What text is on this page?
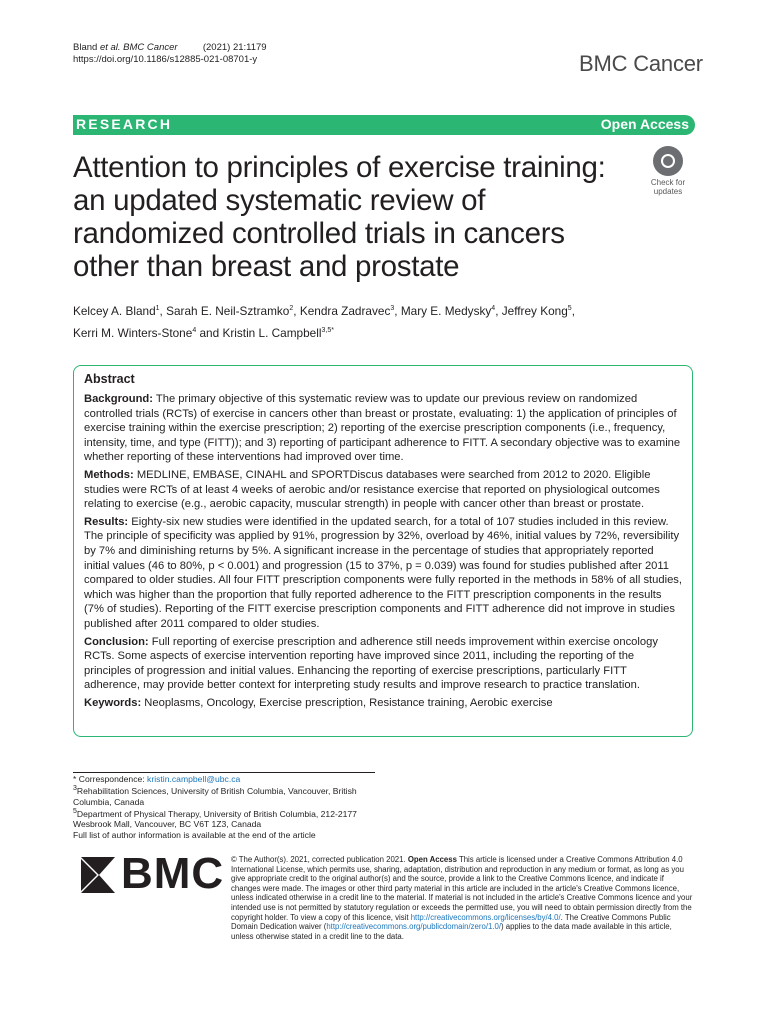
Bland et al. BMC Cancer	(2021) 21:1179
https://doi.org/10.1186/s12885-021-08701-y	BMC Cancer
RESEARCH	Open Access
Attention to principles of exercise training: an updated systematic review of randomized controlled trials in cancers other than breast and prostate
Check for
updates
Kelcey A. Bland$^1$, Sarah E. Neil-Sztramko$^2$, Kendra Zadravec$^3$, Mary E. Medysky$^4$, Jeffrey Kong$^5$,
Kerri M. Winters-Stone$^4$ and Kristin L. Campbell$^{3,5*}$
Abstract

Background: The primary objective of this systematic review was to update our previous review on randomized controlled trials (RCTs) of exercise in cancers other than breast or prostate, evaluating: 1) the application of principles of exercise training within the exercise prescription; 2) reporting of the exercise prescription components (i.e., frequency, intensity, time, and type (FITT)); and 3) reporting of participant adherence to FITT. A secondary objective was to examine whether reporting of these interventions had improved over time.

Methods: MEDLINE, EMBASE, CINAHL and SPORTDiscus databases were searched from 2012 to 2020. Eligible studies were RCTs of at least 4 weeks of aerobic and/or resistance exercise that reported on physiological outcomes relating to exercise (e.g., aerobic capacity, muscular strength) in people with cancer other than breast or prostate.

Results: Eighty-six new studies were identified in the updated search, for a total of 107 studies included in this review. The principle of specificity was applied by 91%, progression by 32%, overload by 46%, initial values by 72%, reversibility by 7% and diminishing returns by 5%. A significant increase in the percentage of studies that appropriately reported initial values (46 to 80%, p < 0.001) and progression (15 to 37%, p = 0.039) was found for studies published after 2011 compared to older studies. All four FITT prescription components were fully reported in the methods in 58% of all studies, which was higher than the proportion that fully reported adherence to the FITT prescription components in the results (7% of studies). Reporting of the FITT exercise prescription components and FITT adherence did not improve in studies published after 2011 compared to older studies.

Conclusion: Full reporting of exercise prescription and adherence still needs improvement within exercise oncology RCTs. Some aspects of exercise intervention reporting have improved since 2011, including the reporting of the principles of progression and initial values. Enhancing the reporting of exercise prescriptions, particularly FITT adherence, may provide better context for interpreting study results and improve research to practice translation.

Keywords: Neoplasms, Oncology, Exercise prescription, Resistance training, Aerobic exercise

* Correspondence: kristin.campbell@ubc.ca
$^3$Rehabilitation Sciences, University of British Columbia, Vancouver, British Columbia, Canada
$^5$Department of Physical Therapy, University of British Columbia, 212-2177 Wesbrook Mall, Vancouver, BC V6T 1Z3, Canada
Full list of author information is available at the end of the article
BMC © The Author(s). 2021, corrected publication 2021. Open Access This article is licensed under a Creative Commons Attribution 4.0 International License, which permits use, sharing, adaptation, distribution and reproduction in any medium or format, as long as you give appropriate credit to the original author(s) and the source, provide a link to the Creative Commons licence, and indicate if changes were made. The images or other third party material in this article are included in the article's Creative Commons licence, unless indicated otherwise in a credit line to the material. If material is not included in the article's Creative Commons licence and your intended use is not permitted by statutory regulation or exceeds the permitted use, you will need to obtain permission directly from the copyright holder. To view a copy of this licence, visit http://creativecommons.org/licenses/by/4.0/. The Creative Commons Public Domain Dedication waiver (http://creativecommons.org/publicdomain/zero/1.0/) applies to the data made available in this article, unless otherwise stated in a credit line to the data.
